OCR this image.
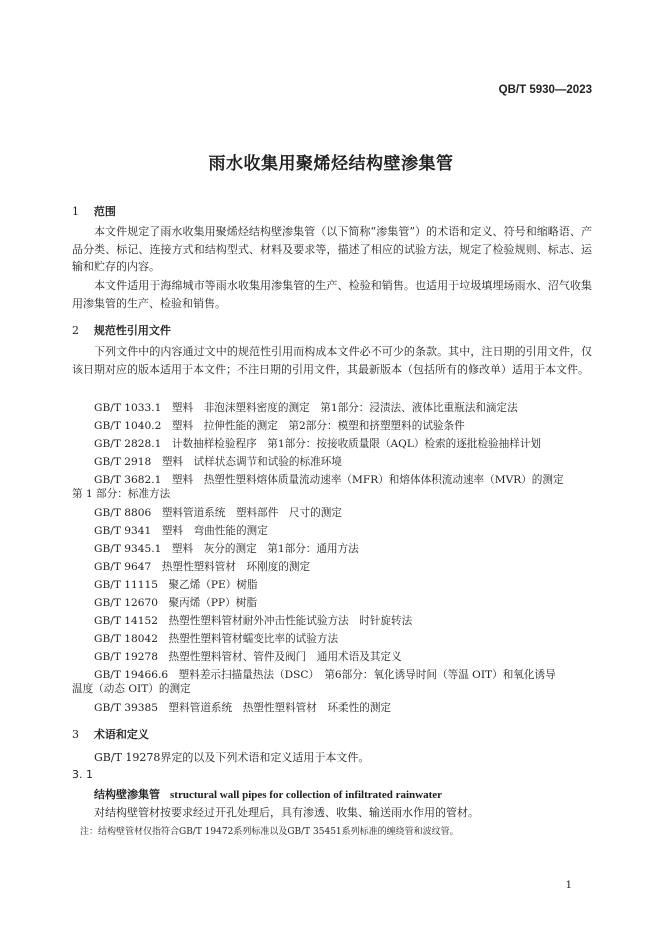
QB/T 5930—2023
雨水收集用聚烯烃结构壁渗集管
1 范围
本文件规定了雨水收集用聚烯烃结构壁渗集管（以下简称“渗集管”）的术语和定义、符号和缩略语、产品分类、标记、连接方式和结构型式、材料及要求等，描述了相应的试验方法，规定了检验规则、标志、运输和贮存的内容。
本文件适用于海绵城市等雨水收集用渗集管的生产、检验和销售。也适用于垃圾填埋场雨水、沼气收集用渗集管的生产、检验和销售。
2 规范性引用文件
下列文件中的内容通过文中的规范性引用而构成本文件必不可少的条款。其中，注日期的引用文件，仅该日期对应的版本适用于本文件；不注日期的引用文件，其最新版本（包括所有的修改单）适用于本文件。
GB/T 1033.1　 塑料　非泡沫塑料密度的测定　第1部分：浸渍法、液体比重瓶法和滴定法
GB/T 1040.2　 塑料　拉伸性能的测定　第2部分：模塑和挤塑塑料的试验条件
GB/T 2828.1　 计数抽样检验程序　第1部分：按接收质量限（AQL）检索的逐批检验抽样计划
GB/T 2918　 塑料　试样状态调节和试验的标准环境
GB/T 3682.1　 塑料　热塑性塑料熔体质量流动速率（MFR）和熔体体积流动速率（MVR）的测定
第 1 部分：标准方法
GB/T 8806　 塑料管道系统　塑料部件　尺寸的测定
GB/T 9341　 塑料　弯曲性能的测定
GB/T 9345.1　 塑料　灰分的测定　第1部分：通用方法
GB/T 9647　 热塑性塑料管材　环刚度的测定
GB/T 11115　 聚乙烯（PE）树脂
GB/T 12670　 聚丙烯（PP）树脂
GB/T 14152　 热塑性塑料管材耐外冲击性能试验方法　时针旋转法
GB/T 18042　 热塑性塑料管材蠕变比率的试验方法
GB/T 19278　 热塑性塑料管材、管件及阀门　通用术语及其定义
GB/T 19466.6　 塑料差示扫描量热法（DSC）　第6部分：氧化诱导时间（等温 OIT）和氧化诱导
温度（动态 OIT）的测定
GB/T 39385　 塑料管道系统　热塑性塑料管材　环柔性的测定
3 术语和定义
GB/T 19278界定的以及下列术语和定义适用于本文件。
3. 1
结构壁渗集管 structural wall pipes for collection of infiltrated rainwater
对结构壁管材按要求经过开孔处理后，具有渗透、收集、输送雨水作用的管材。
注：结构壁管材仅指符合GB/T 19472系列标准以及GB/T 35451系列标准的缠绕管和波纹管。
1
